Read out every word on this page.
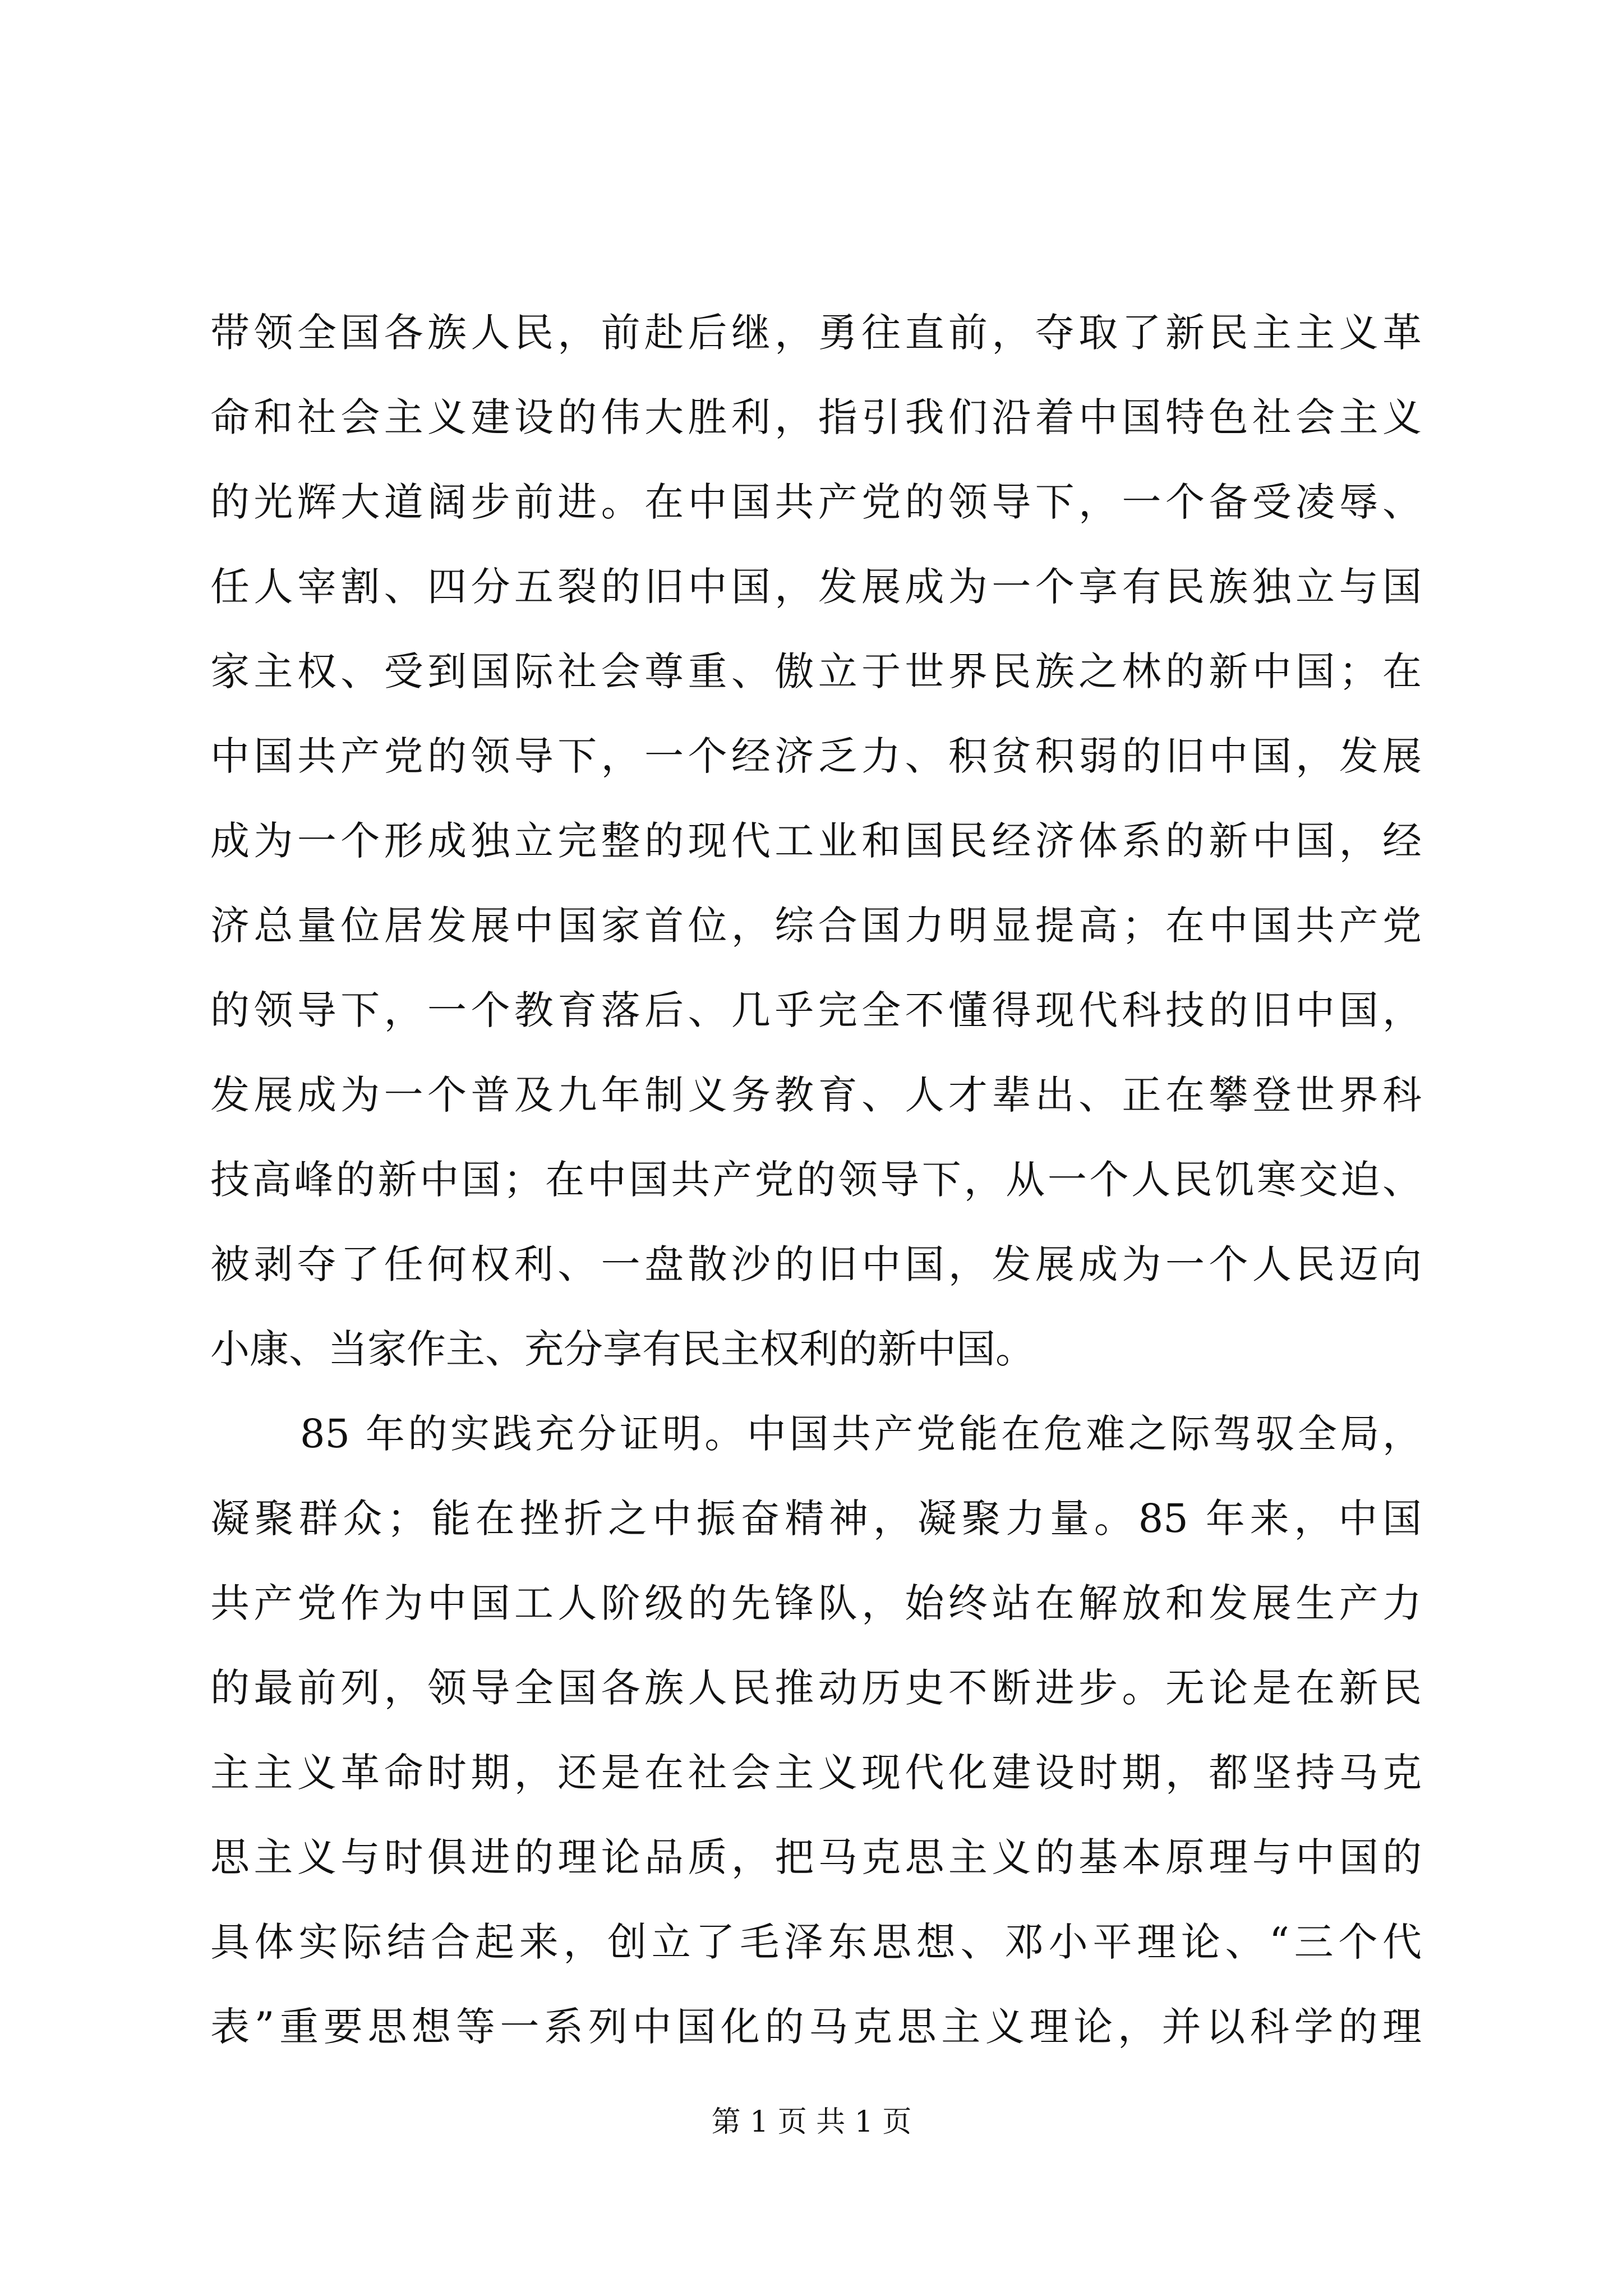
带领全国各族人民，前赴后继，勇往直前，夺取了新民主主义革
命和社会主义建设的伟大胜利，指引我们沿着中国特色社会主义
的光辉大道阔步前进。在中国共产党的领导下，一个备受凌辱、
任人宰割、四分五裂的旧中国，发展成为一个享有民族独立与国
家主权、受到国际社会尊重、傲立于世界民族之林的新中国；在
中国共产党的领导下，一个经济乏力、积贫积弱的旧中国，发展
成为一个形成独立完整的现代工业和国民经济体系的新中国，经
济总量位居发展中国家首位，综合国力明显提高；在中国共产党
的领导下，一个教育落后、几乎完全不懂得现代科技的旧中国，
发展成为一个普及九年制义务教育、人才辈出、正在攀登世界科
技高峰的新中国；在中国共产党的领导下，从一个人民饥寒交迫、
被剥夺了任何权利、一盘散沙的旧中国，发展成为一个人民迈向
小康、当家作主、充分享有民主权利的新中国。
85 年的实践充分证明。中国共产党能在危难之际驾驭全局，
凝聚群众；能在挫折之中振奋精神，凝聚力量。85 年来，中国
共产党作为中国工人阶级的先锋队，始终站在解放和发展生产力
的最前列，领导全国各族人民推动历史不断进步。无论是在新民
主主义革命时期，还是在社会主义现代化建设时期，都坚持马克
思主义与时俱进的理论品质，把马克思主义的基本原理与中国的
具体实际结合起来，创立了毛泽东思想、邓小平理论、“三个代
表”重要思想等一系列中国化的马克思主义理论，并以科学的理
第 1 页 共 1 页
